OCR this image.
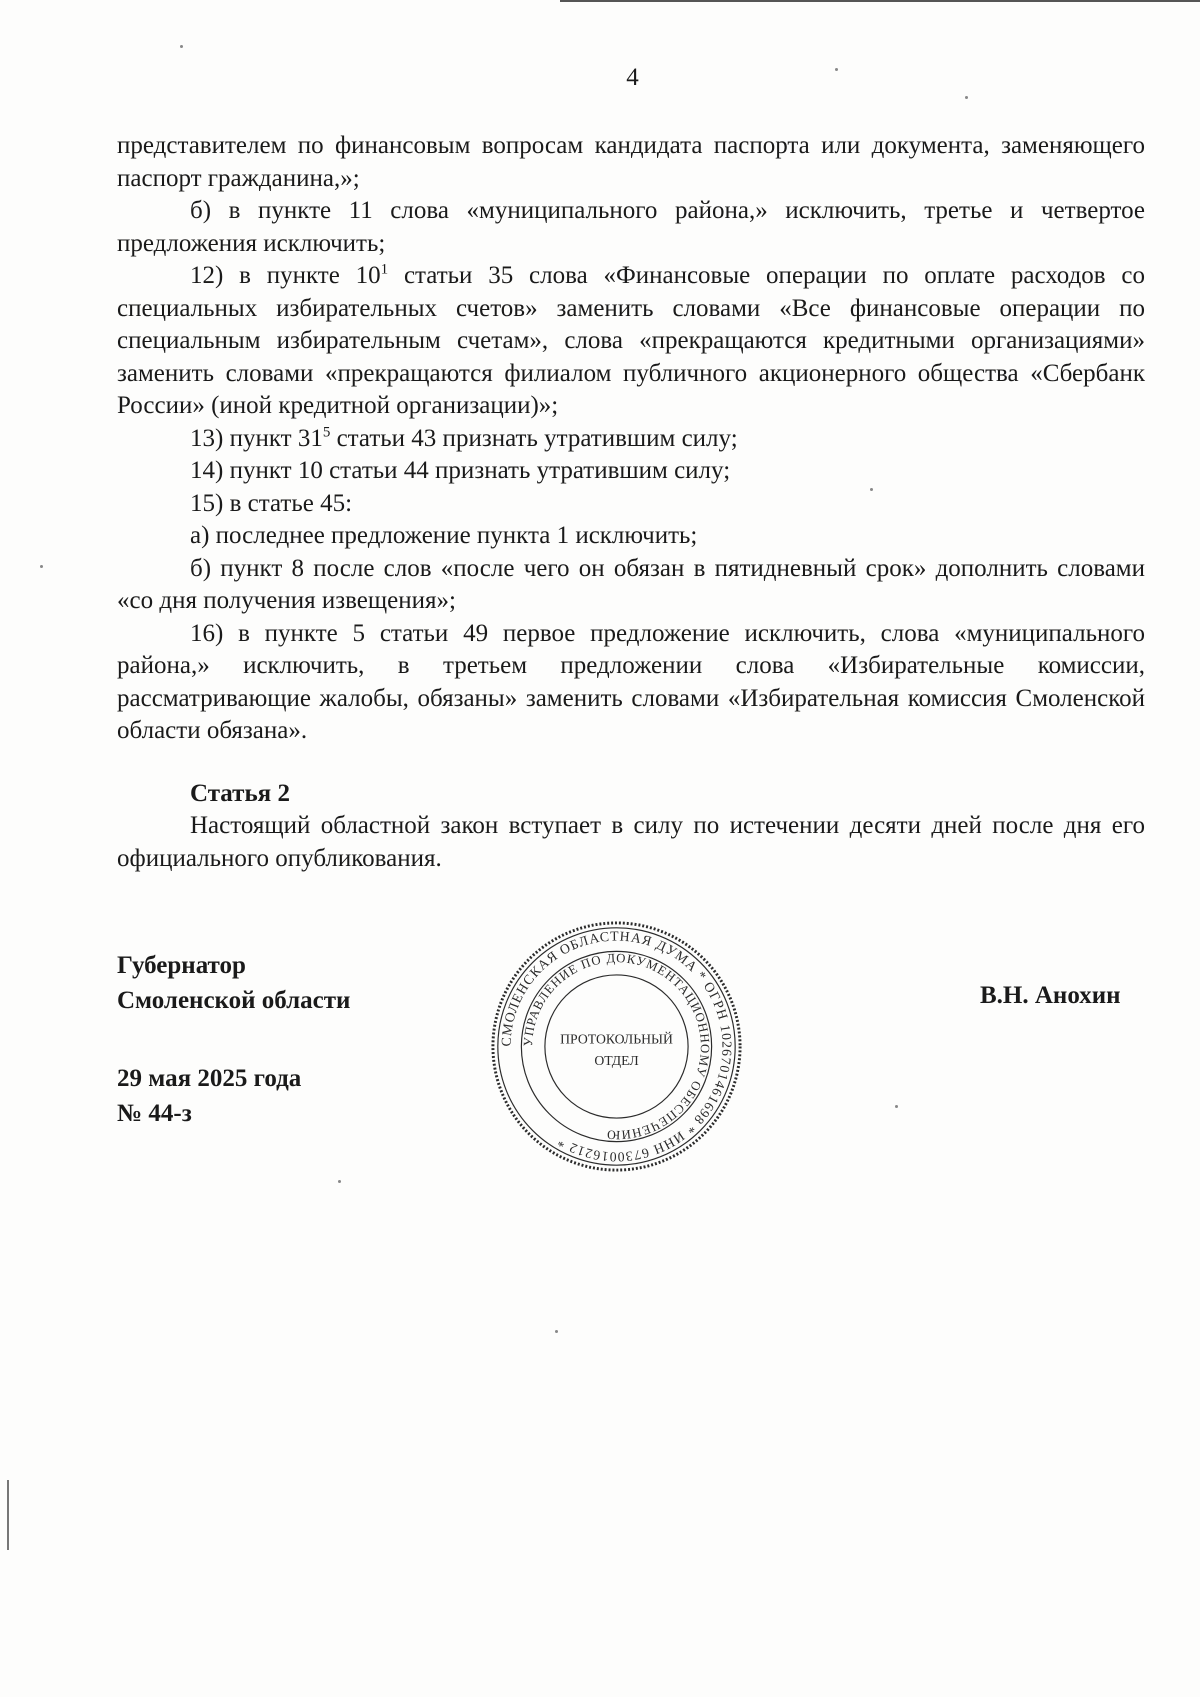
4

представителем по финансовым вопросам кандидата паспорта или документа, заменяющего паспорт гражданина,»;

б) в пункте 11 слова «муниципального района,» исключить, третье и четвертое предложения исключить;

12) в пункте $10^1$ статьи 35 слова «Финансовые операции по оплате расходов со специальных избирательных счетов» заменить словами «Все финансовые операции по специальным избирательным счетам», слова «прекращаются кредитными организациями» заменить словами «прекращаются филиалом публичного акционерного общества «Сбербанк России» (иной кредитной организации)»;

13) пункт $31^5$ статьи 43 признать утратившим силу;

14) пункт 10 статьи 44 признать утратившим силу;

15) в статье 45:

а) последнее предложение пункта 1 исключить;

б) пункт 8 после слов «после чего он обязан в пятидневный срок» дополнить словами «со дня получения извещения»;

16) в пункте 5 статьи 49 первое предложение исключить, слова «муниципального района,» исключить, в третьем предложении слова «Избирательные комиссии, рассматривающие жалобы, обязаны» заменить словами «Избирательная комиссия Смоленской области обязана».

Статья 2

Настоящий областной закон вступает в силу по истечении десяти дней после дня его официального опубликования.

Губернатор
Смоленской области
29 мая 2025 года
№ 44-з
В.Н. Анохин
СМОЛЕНСКАЯ ОБЛАСТНАЯ ДУМА * ОГРН 1026701461698 * ИНН 6730016212 *
УПРАВЛЕНИЕ ПО ДОКУМЕНТАЦИОННОМУ ОБЕСПЕЧЕНИЮ
ПРОТОКОЛЬНЫЙ
ОТДЕЛ
